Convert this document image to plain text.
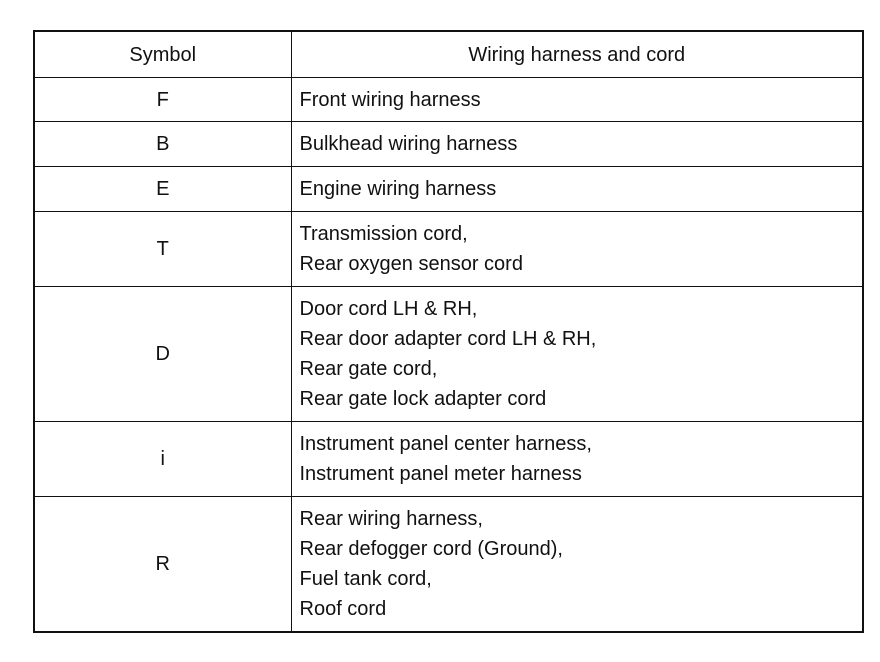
Symbol	Wiring harness and cord
F	Front wiring harness

B	Bulkhead wiring harness

E	Engine wiring harness

T	Transmission cord,
Rear oxygen sensor cord

D	Door cord LH & RH,
Rear door adapter cord LH & RH,
Rear gate cord,
Rear gate lock adapter cord

i	Instrument panel center harness,
Instrument panel meter harness

R	Rear wiring harness,
Rear defogger cord (Ground),
Fuel tank cord,
Roof cord
